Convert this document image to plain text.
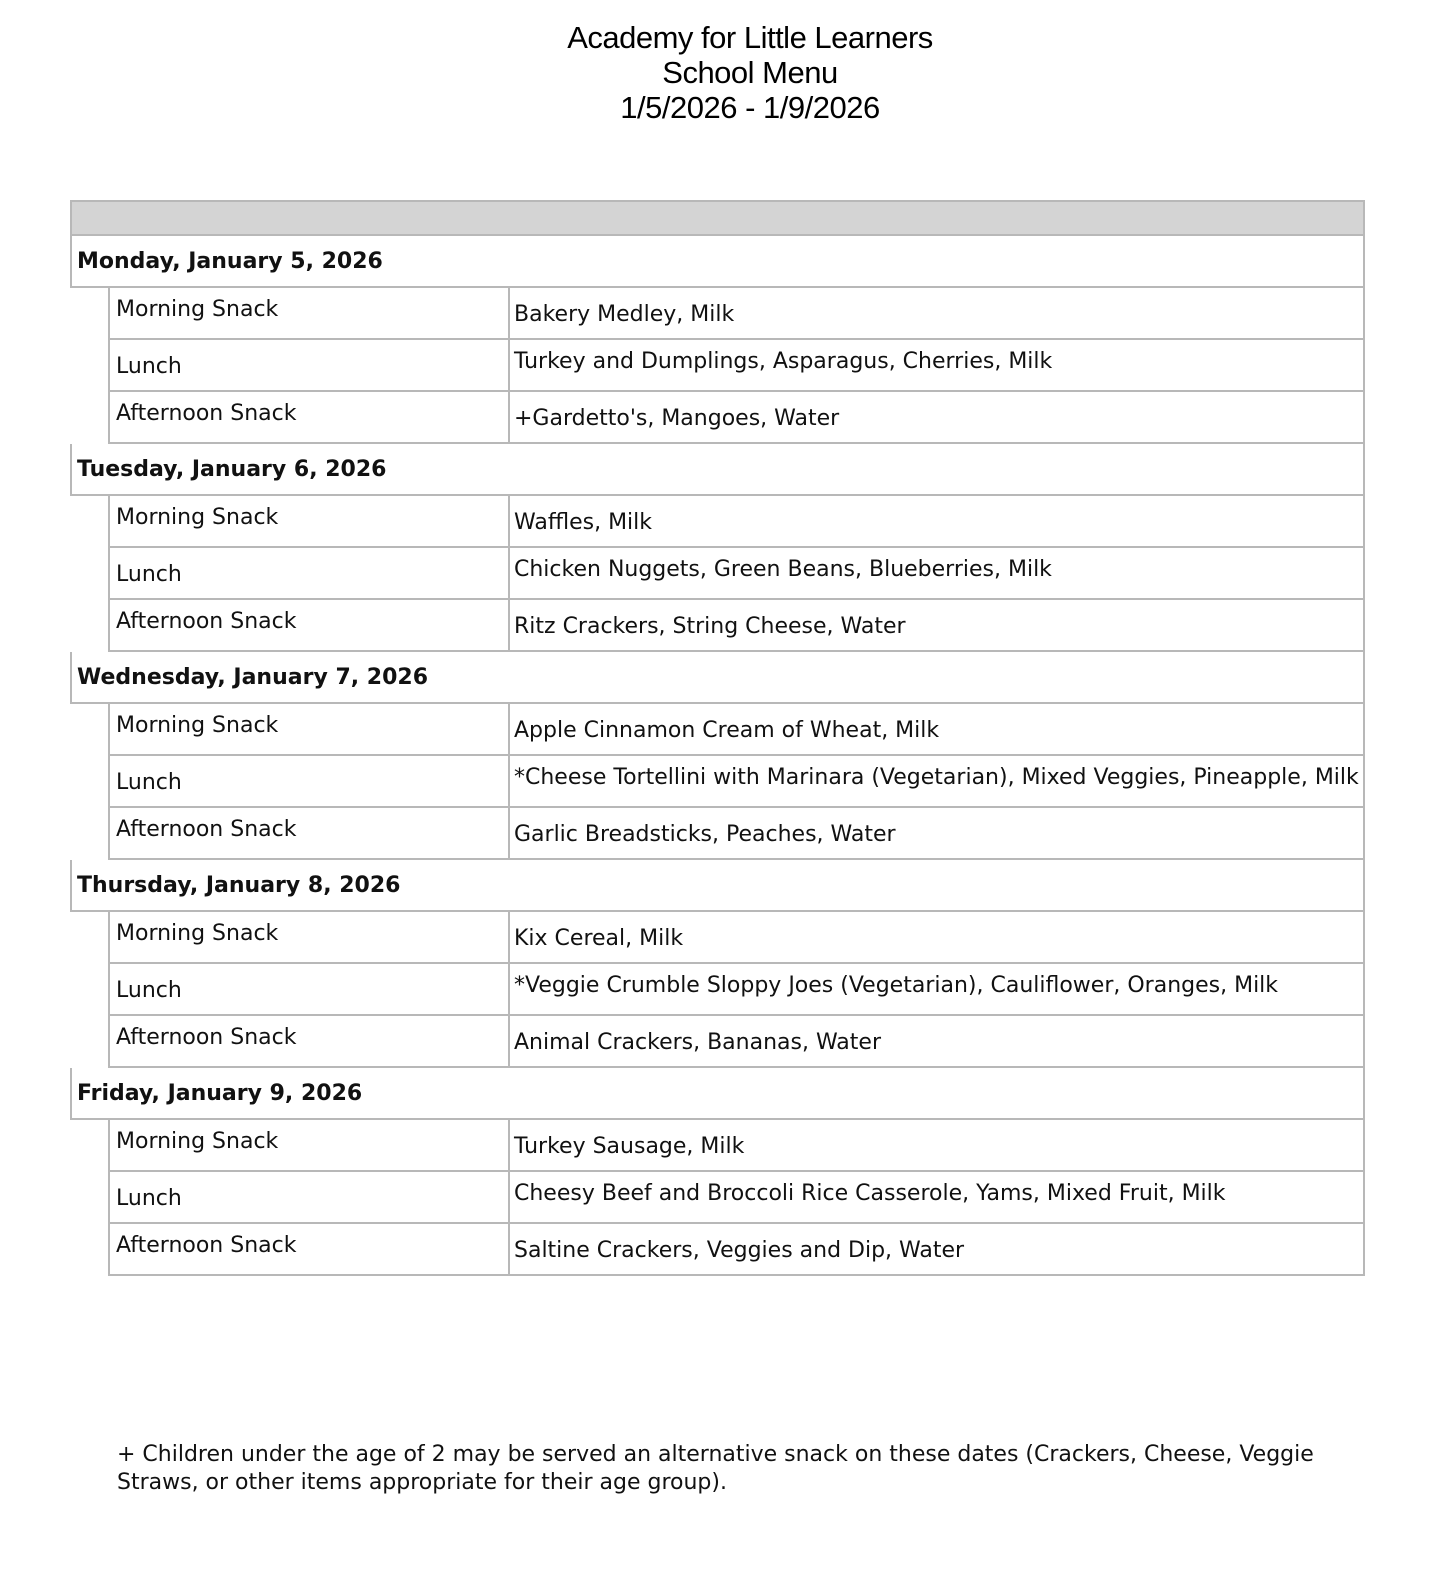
Academy for Little Learners
School Menu
1/5/2026 - 1/9/2026
Monday, January 5, 2026
Morning Snack	Bakery Medley, Milk
Lunch	Turkey and Dumplings, Asparagus, Cherries, Milk
Afternoon Snack	+Gardetto's, Mangoes, Water
Tuesday, January 6, 2026
Morning Snack	Waffles, Milk
Lunch	Chicken Nuggets, Green Beans, Blueberries, Milk
Afternoon Snack	Ritz Crackers, String Cheese, Water
Wednesday, January 7, 2026
Morning Snack	Apple Cinnamon Cream of Wheat, Milk
Lunch	*Cheese Tortellini with Marinara (Vegetarian), Mixed Veggies, Pineapple, Milk
Afternoon Snack	Garlic Breadsticks, Peaches, Water
Thursday, January 8, 2026
Morning Snack	Kix Cereal, Milk
Lunch	*Veggie Crumble Sloppy Joes (Vegetarian), Cauliflower, Oranges, Milk
Afternoon Snack	Animal Crackers, Bananas, Water
Friday, January 9, 2026
Morning Snack	Turkey Sausage, Milk
Lunch	Cheesy Beef and Broccoli Rice Casserole, Yams, Mixed Fruit, Milk
Afternoon Snack	Saltine Crackers, Veggies and Dip, Water
+ Children under the age of 2 may be served an alternative snack on these dates (Crackers, Cheese, Veggie Straws, or other items appropriate for their age group).
